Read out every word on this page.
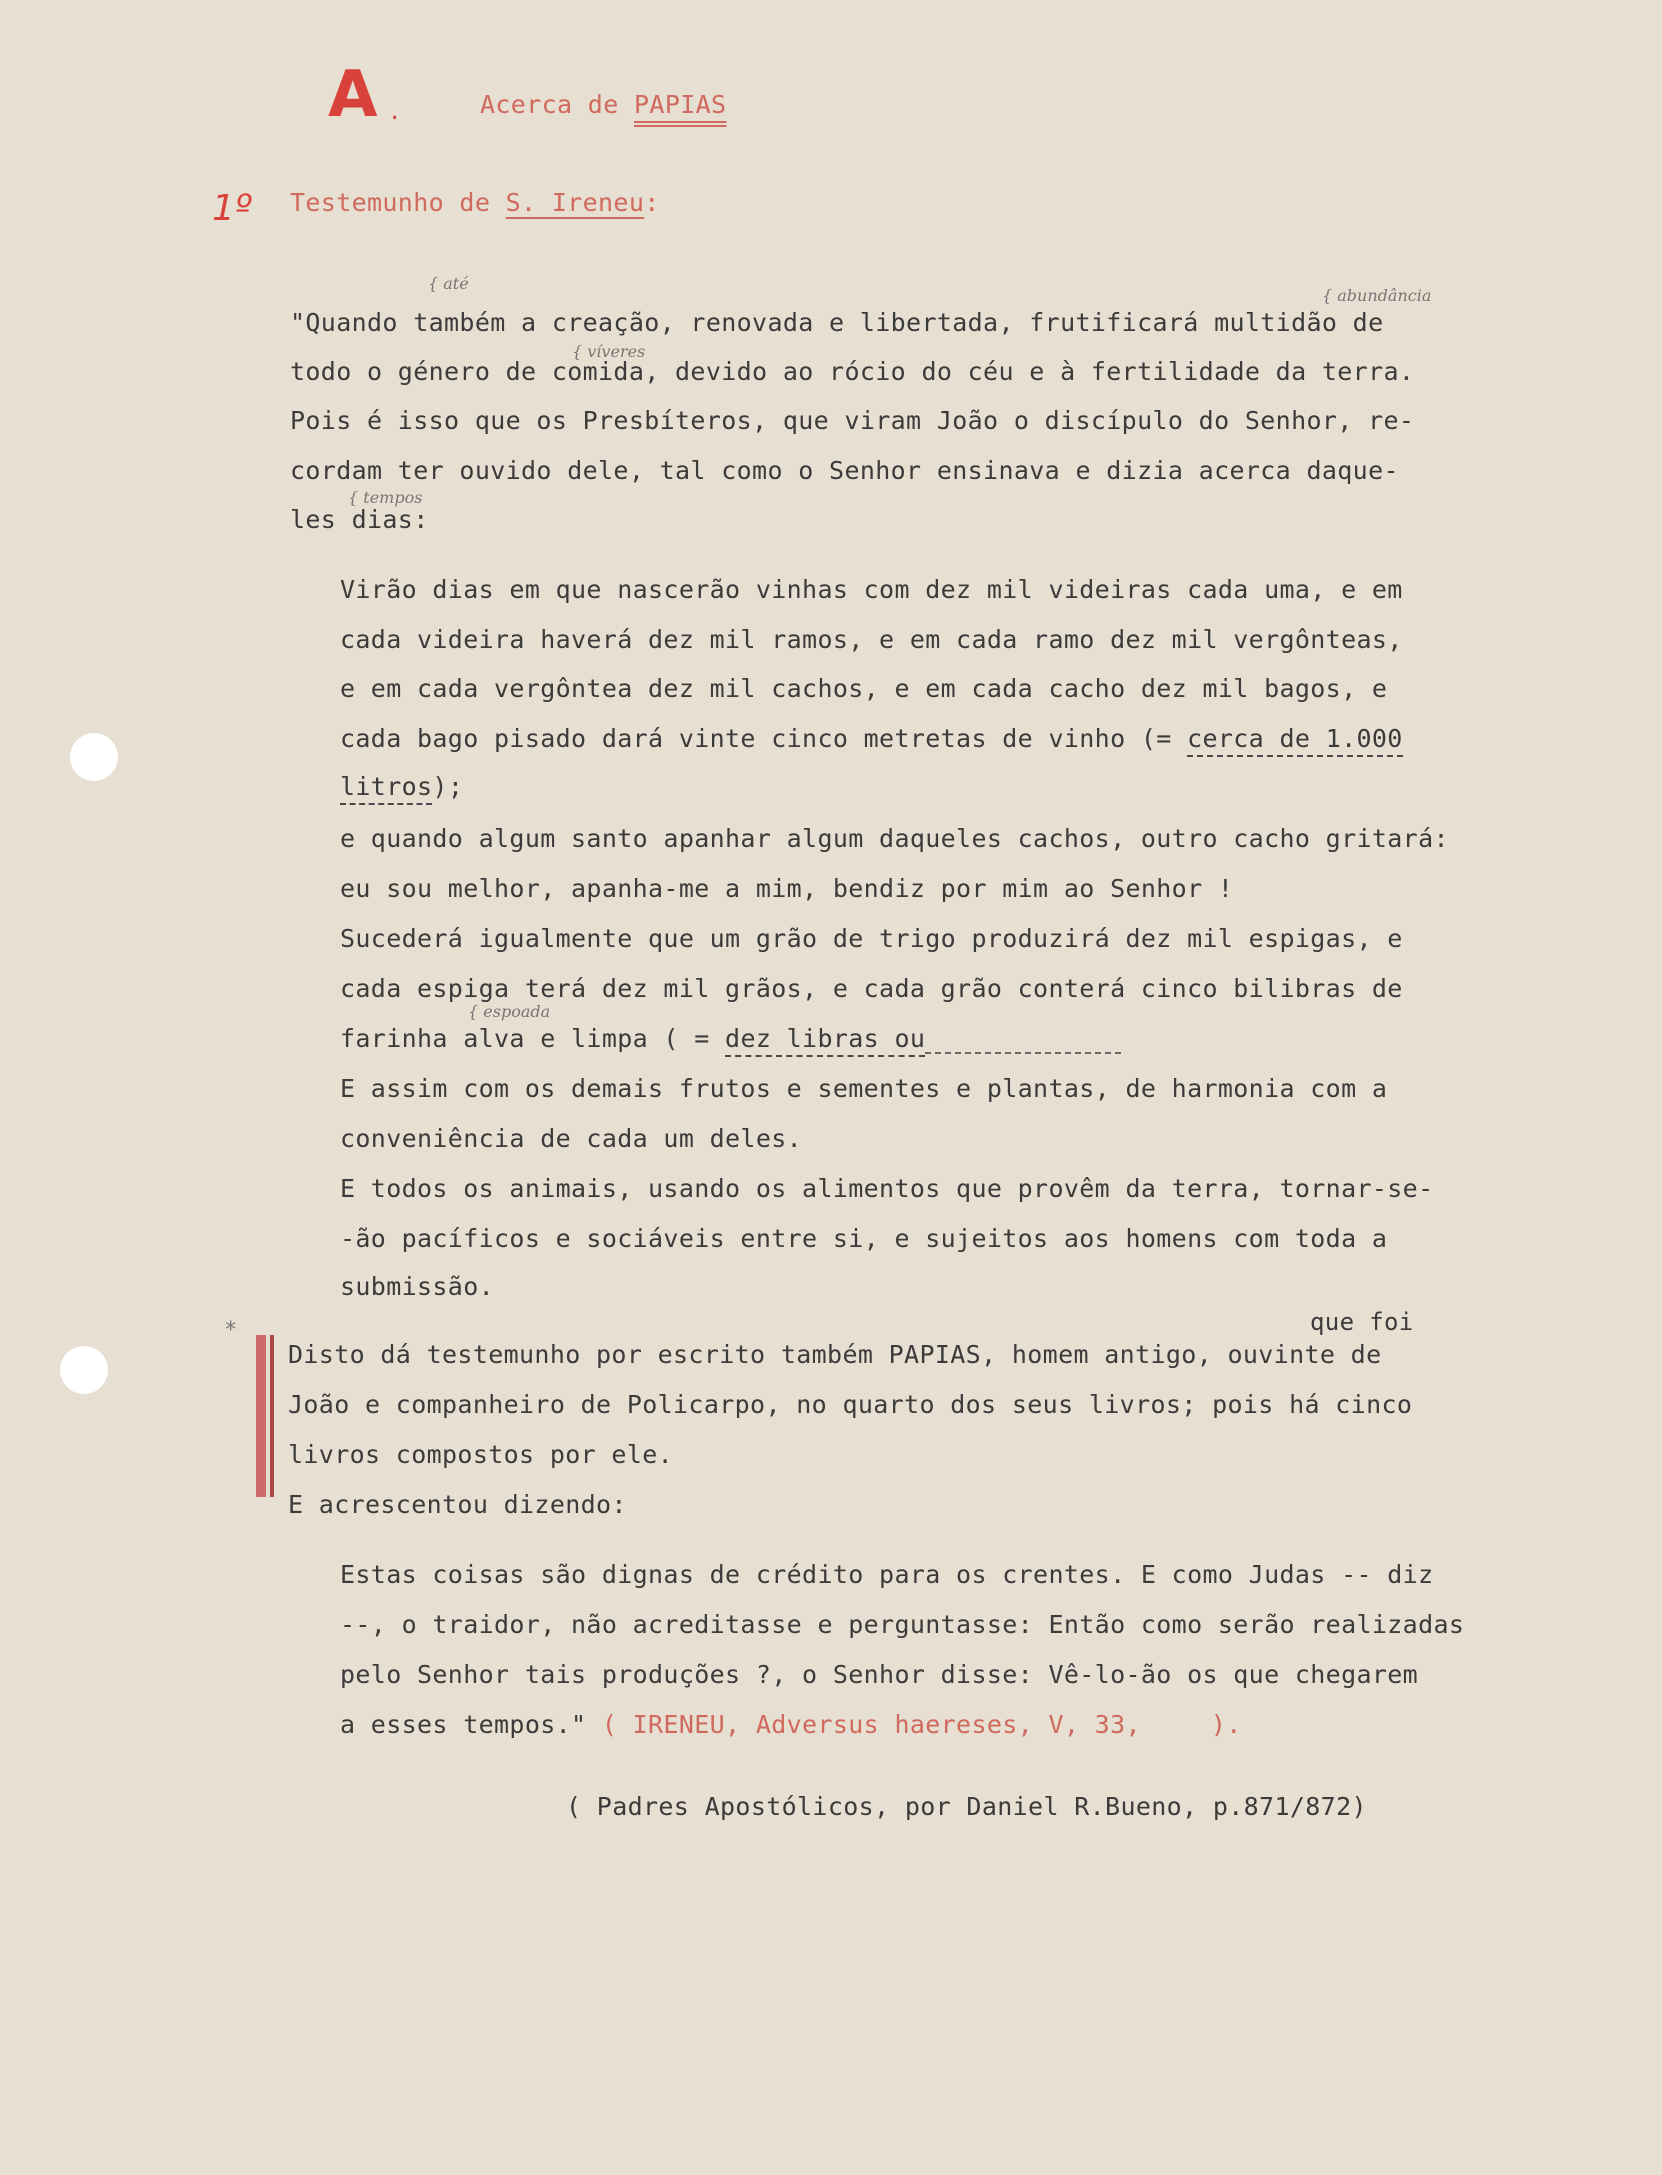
A .	Acerca de PAPIAS
1º Testemunho de S. Ireneu:
{ até
{ abundância
{ víveres
{ tempos
{ espoada
que foi
"Quando também a creação, renovada e libertada, frutificará multidão de
todo o género de comida, devido ao rócio do céu e à fertilidade da terra.
Pois é isso que os Presbíteros, que viram João o discípulo do Senhor, re-
cordam ter ouvido dele, tal como o Senhor ensinava e dizia acerca daque-
les dias:
Virão dias em que nascerão vinhas com dez mil videiras cada uma, e em
cada videira haverá dez mil ramos, e em cada ramo dez mil vergônteas,
e em cada vergôntea dez mil cachos, e em cada cacho dez mil bagos, e
cada bago pisado dará vinte cinco metretas de vinho (= cerca de 1.000
litros);
e quando algum santo apanhar algum daqueles cachos, outro cacho gritará:
eu sou melhor, apanha-me a mim, bendiz por mim ao Senhor !
Sucederá igualmente que um grão de trigo produzirá dez mil espigas, e
cada espiga terá dez mil grãos, e cada grão conterá cinco bilibras de
farinha alva e limpa ( = dez libras ou
E assim com os demais frutos e sementes e plantas, de harmonia com a
conveniência de cada um deles.
E todos os animais, usando os alimentos que provêm da terra, tornar-se-
-ão pacíficos e sociáveis entre si, e sujeitos aos homens com toda a
submissão.
*
Disto dá testemunho por escrito também PAPIAS, homem antigo, ouvinte de
João e companheiro de Policarpo, no quarto dos seus livros; pois há cinco
livros compostos por ele.
E acrescentou dizendo:
Estas coisas são dignas de crédito para os crentes. E como Judas -- diz
--, o traidor, não acreditasse e perguntasse: Então como serão realizadas
pelo Senhor tais produções ?, o Senhor disse: Vê-lo-ão os que chegarem
a esses tempos." ( IRENEU, Adversus haereses, V, 33,	).
( Padres Apostólicos, por Daniel R.Bueno, p.871/872)
